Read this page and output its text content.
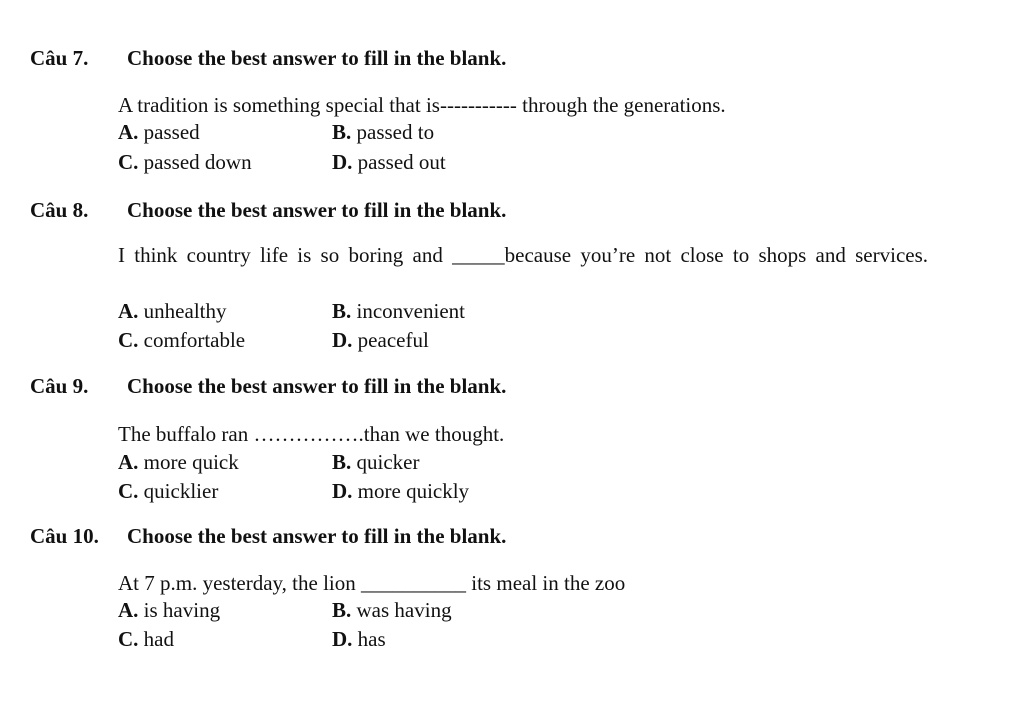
Câu 7. Choose the best answer to fill in the blank.
A tradition is something special that is----------- through the generations.
A. passed	B. passed to
C. passed down	D. passed out
Câu 8. Choose the best answer to fill in the blank.
I think country life is so boring and _____because you’re not close to shops and services.
A. unhealthy	B. inconvenient
C. comfortable	D. peaceful
Câu 9. Choose the best answer to fill in the blank.
The buffalo ran …………….than we thought.
A. more quick	B. quicker
C. quicklier	D. more quickly
Câu 10. Choose the best answer to fill in the blank.
At 7 p.m. yesterday, the lion __________ its meal in the zoo
A. is having	B. was having
C. had	D. has
